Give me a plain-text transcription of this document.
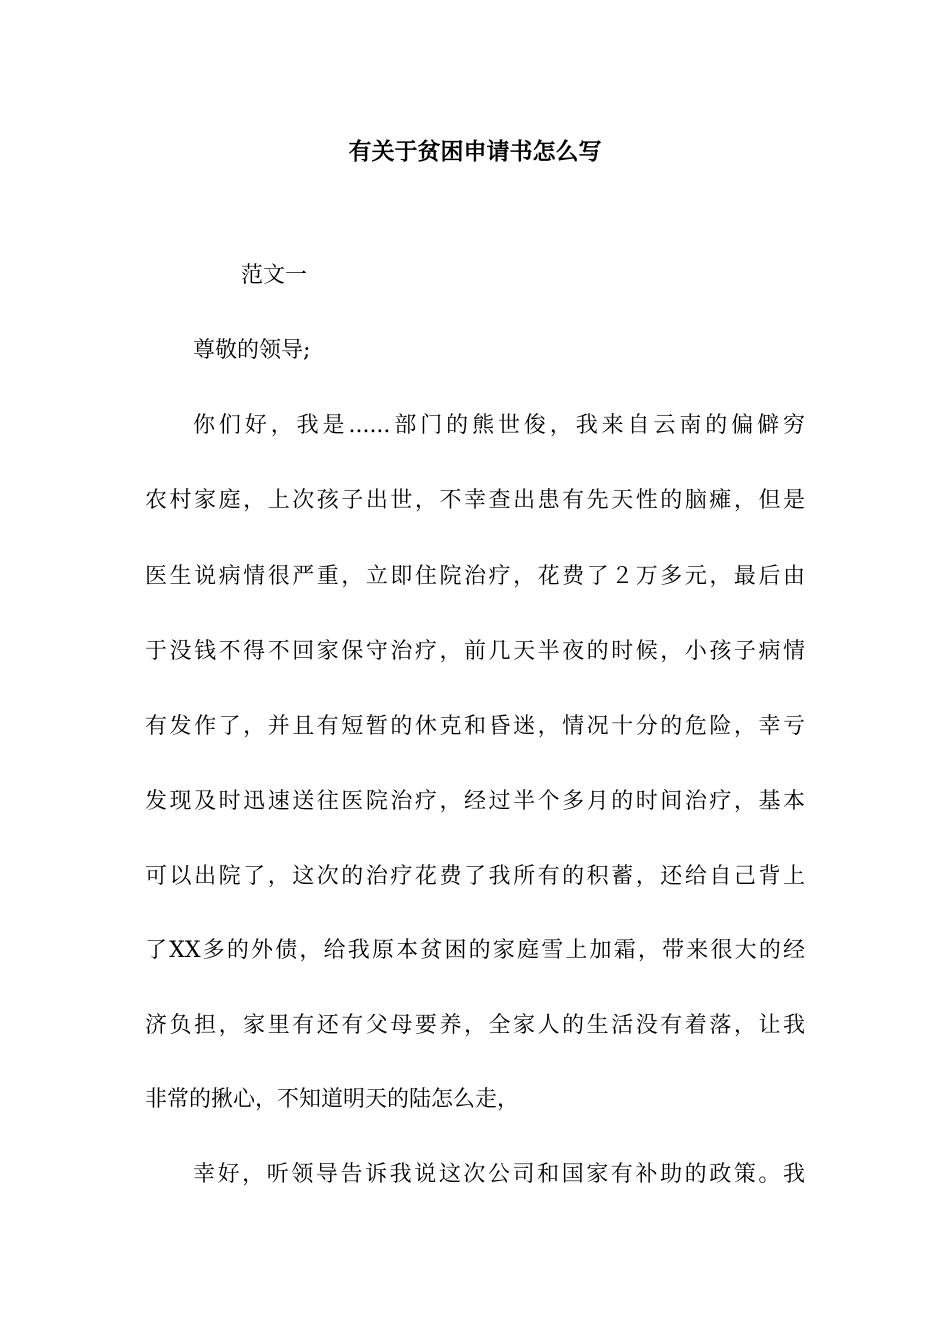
有关于贫困申请书怎么写
范文一
尊敬的领导;
你们好，我是......部门的熊世俊，我来自云南的偏僻穷
农村家庭，上次孩子出世，不幸查出患有先天性的脑瘫，但是
医生说病情很严重，立即住院治疗，花费了２万多元，最后由
于没钱不得不回家保守治疗，前几天半夜的时候，小孩子病情
有发作了，并且有短暂的休克和昏迷，情况十分的危险，幸亏
发现及时迅速送往医院治疗，经过半个多月的时间治疗，基本
可以出院了，这次的治疗花费了我所有的积蓄，还给自己背上
了XX多的外债，给我原本贫困的家庭雪上加霜，带来很大的经
济负担，家里有还有父母要养，全家人的生活没有着落，让我
非常的揪心，不知道明天的陆怎么走，
幸好，听领导告诉我说这次公司和国家有补助的政策。我
